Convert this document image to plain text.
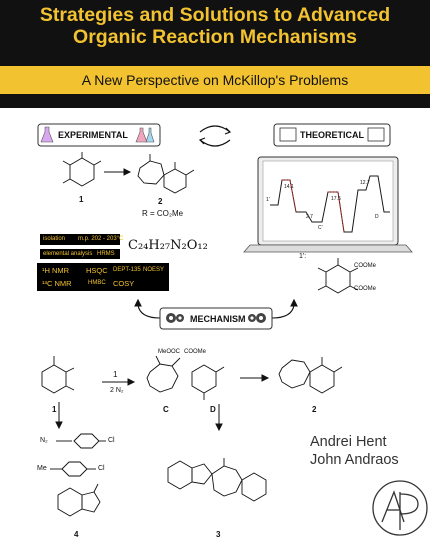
Strategies and Solutions to Advanced
Organic Reaction Mechanisms
A New Perspective on McKillop's Problems
EXPERIMENTAL	THEORETICAL
MECHANISM
1	2
R = CO₂Me
isolation m.p. 202 - 203°C
elemental analysis HRMS
C₂₄H₂₇N₂O₁₂
¹H NMR HSQC DEPT-135 NOESY
¹³C NMR	HMBC COSY
1′:
COOMe
COOMe
1′
14.1
2.7
17.5
12.7
C′
D
1
1
2 N₂
C	D	2
MeOOC COOMe
N₂	Cl
Me	Cl
4	3
Andrei Hent
John Andraos
